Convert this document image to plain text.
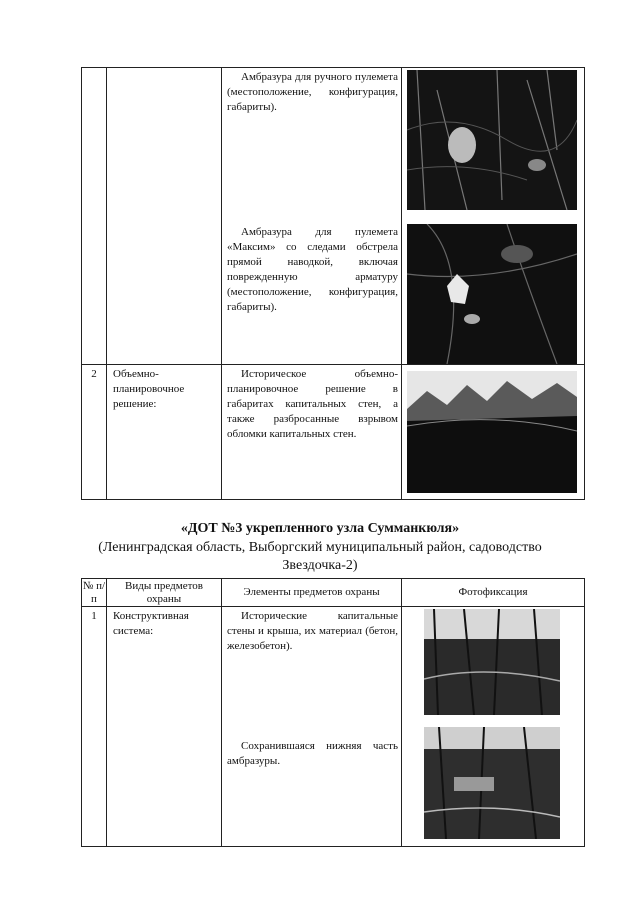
		Амбразура для ручного пулемета (местоположение, конфигурация, габариты).
Амбразура для пулемета «Максим» со следами обстрела прямой наводкой, включая поврежденную арматуру (местоположение, конфигурация, габариты).

2	Объемно-планировочное решение:	Историческое объемно-планировочное решение в габаритах капитальных стен, а также разбросанные взрывом обломки капитальных стен.

«ДОТ №3 укрепленного узла Сумманкюля»
(Ленинградская область, Выборгский муниципальный район, садоводство
Звездочка-2)
№ п/п	Виды предметов охраны	Элементы предметов охраны	Фотофиксация
1	Конструктивная система:	Исторические капитальные стены и крыша, их материал (бетон, железобетон).
Сохранившаяся нижняя часть амбразуры.
